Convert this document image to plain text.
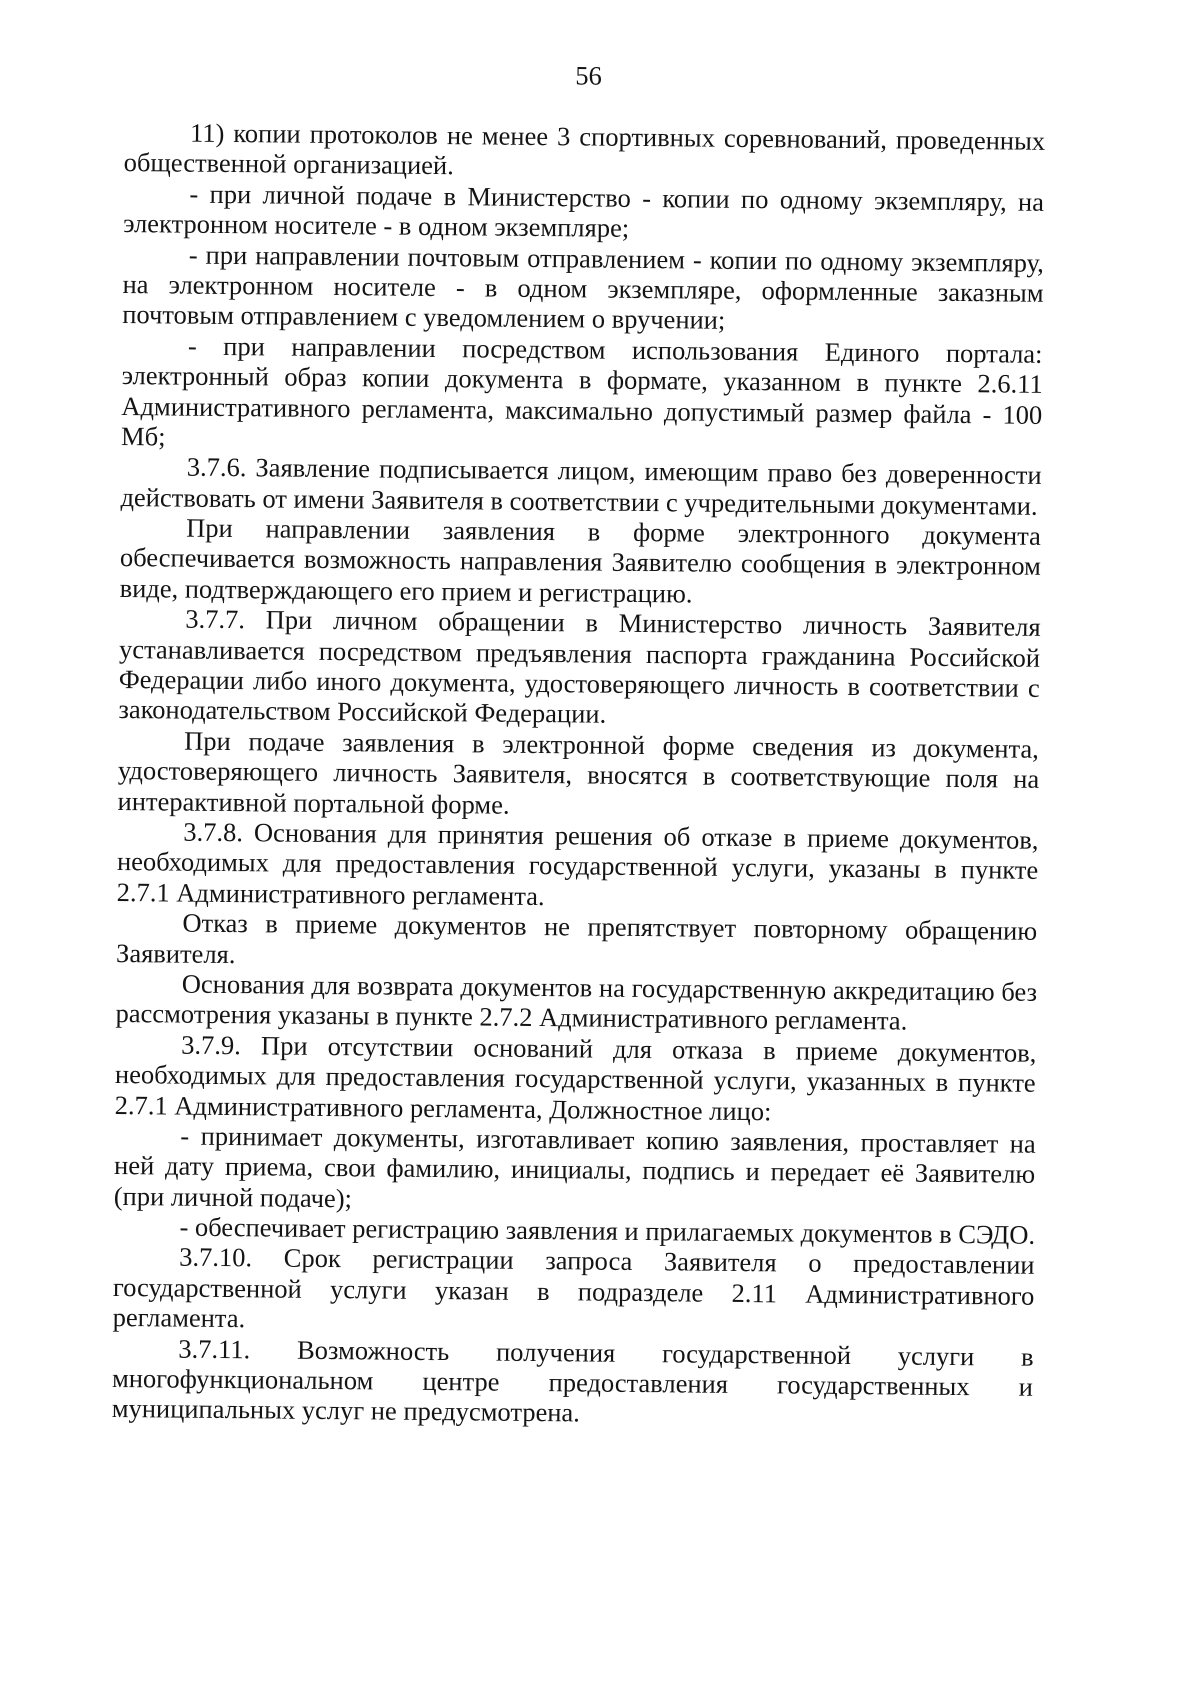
56
11) копии протоколов не менее 3 спортивных соревнований, проведенных
общественной организацией.
- при личной подаче в Министерство - копии по одному экземпляру, на
электронном носителе - в одном экземпляре;
- при направлении почтовым отправлением - копии по одному экземпляру,
на электронном носителе - в одном экземпляре, оформленные заказным
почтовым отправлением с уведомлением о вручении;
- при направлении посредством использования Единого портала:
электронный образ копии документа в формате, указанном в пункте 2.6.11
Административного регламента, максимально допустимый размер файла - 100
Мб;
3.7.6. Заявление подписывается лицом, имеющим право без доверенности
действовать от имени Заявителя в соответствии с учредительными документами.
При направлении заявления в форме электронного документа
обеспечивается возможность направления Заявителю сообщения в электронном
виде, подтверждающего его прием и регистрацию.
3.7.7. При личном обращении в Министерство личность Заявителя
устанавливается посредством предъявления паспорта гражданина Российской
Федерации либо иного документа, удостоверяющего личность в соответствии с
законодательством Российской Федерации.
При подаче заявления в электронной форме сведения из документа,
удостоверяющего личность Заявителя, вносятся в соответствующие поля на
интерактивной портальной форме.
3.7.8. Основания для принятия решения об отказе в приеме документов,
необходимых для предоставления государственной услуги, указаны в пункте
2.7.1 Административного регламента.
Отказ в приеме документов не препятствует повторному обращению
Заявителя.
Основания для возврата документов на государственную аккредитацию без
рассмотрения указаны в пункте 2.7.2 Административного регламента.
3.7.9. При отсутствии оснований для отказа в приеме документов,
необходимых для предоставления государственной услуги, указанных в пункте
2.7.1 Административного регламента, Должностное лицо:
- принимает документы, изготавливает копию заявления, проставляет на
ней дату приема, свои фамилию, инициалы, подпись и передает её Заявителю
(при личной подаче);
- обеспечивает регистрацию заявления и прилагаемых документов в СЭДО.
3.7.10. Срок регистрации запроса Заявителя о предоставлении
государственной услуги указан в подразделе 2.11 Административного
регламента.
3.7.11. Возможность получения государственной услуги в
многофункциональном центре предоставления государственных и
муниципальных услуг не предусмотрена.
